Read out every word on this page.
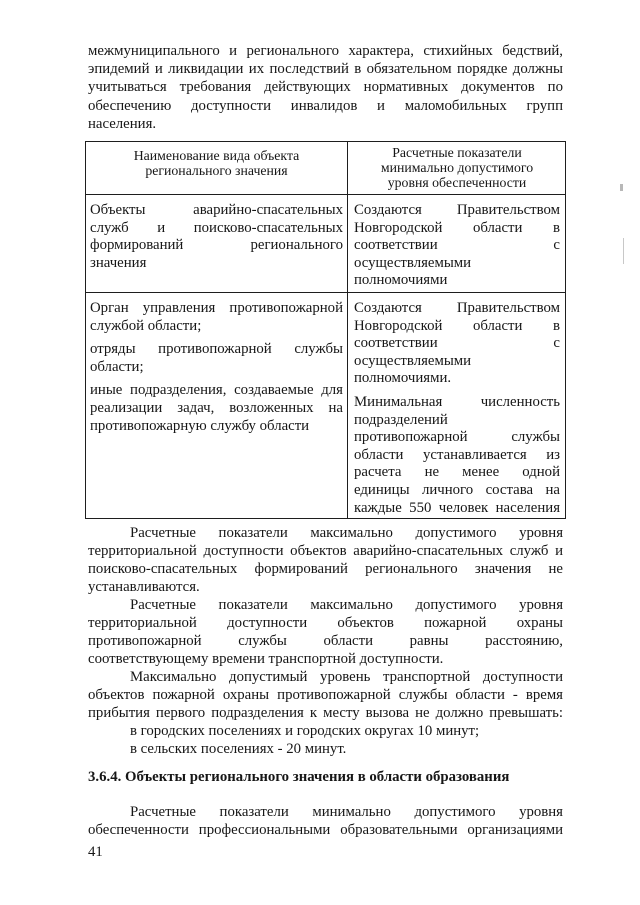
межмуниципального и регионального характера, стихийных бедствий,
эпидемий и ликвидации их последствий в обязательном порядке должны
учитываться требования действующих нормативных документов по
обеспечению доступности инвалидов и маломобильных групп
населения.
Наименование вида объекта
регионального значения
Расчетные показатели
минимально допустимого
уровня обеспеченности
Объекты аварийно-спасательных
служб и поисково-спасательных
формирований регионального
значения
Создаются Правительством
Новгородской области в
соответствии с
осуществляемыми
полномочиями
Орган управления противопожарной
службой области;
отряды противопожарной службы
области;
иные подразделения, создаваемые для
реализации задач, возложенных на
противопожарную службу области
Создаются Правительством
Новгородской области в
соответствии с
осуществляемыми
полномочиями.
Минимальная численность
подразделений
противопожарной службы
области устанавливается из
расчета не менее одной
единицы личного состава на
каждые 550 человек населения
Расчетные показатели максимально допустимого уровня
территориальной доступности объектов аварийно-спасательных служб и
поисково-спасательных формирований регионального значения не
устанавливаются.
Расчетные показатели максимально допустимого уровня
территориальной доступности объектов пожарной охраны
противопожарной службы области равны расстоянию,
соответствующему времени транспортной доступности.
Максимально допустимый уровень транспортной доступности
объектов пожарной охраны противопожарной службы области - время
прибытия первого подразделения к месту вызова не должно превышать:
в городских поселениях и городских округах 10 минут;
в сельских поселениях - 20 минут.
3.6.4. Объекты регионального значения в области образования
Расчетные показатели минимально допустимого уровня
обеспеченности профессиональными образовательными организациями
41
